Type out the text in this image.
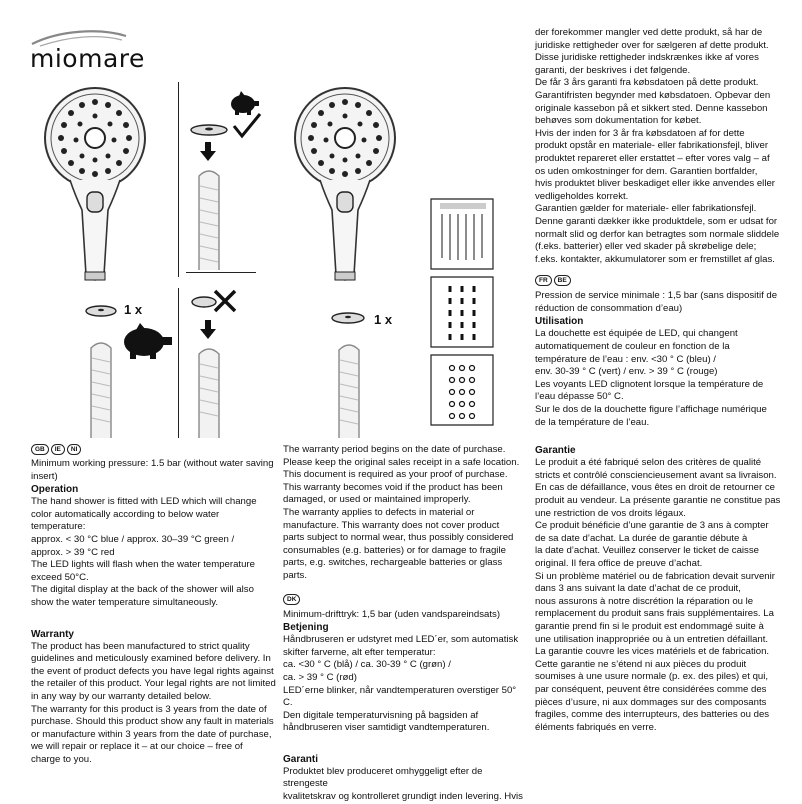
miomare
1 x
1 x
GB IE NI
Minimum working pressure: 1.5 bar (without water saving
insert)
Operation
The hand shower is fitted with LED which will change
color automatically according to below water
temperature:
approx. < 30 °C blue / approx. 30–39 °C green /
approx. > 39 °C red
The LED lights will flash when the water temperature
exceed 50°C.
The digital display at the back of the shower will also
show the water temperature simultaneously.
Warranty
The product has been manufactured to strict quality
guidelines and meticulously examined before delivery. In
the event of product defects you have legal rights against
the retailer of this product. Your legal rights are not limited
in any way by our warranty detailed below.
The warranty for this product is 3 years from the date of
purchase. Should this product show any fault in materials
or manufacture within 3 years from the date of purchase,
we will repair or replace it – at our choice – free of
charge to you.
The warranty period begins on the date of purchase.
Please keep the original sales receipt in a safe location.
This document is required as your proof of purchase.
This warranty becomes void if the product has been
damaged, or used or maintained improperly.
The warranty applies to defects in material or
manufacture. This warranty does not cover product
parts subject to normal wear, thus possibly considered
consumables (e.g. batteries) or for damage to fragile
parts, e.g. switches, rechargeable batteries or glass parts.
DK
Minimum-drifttryk: 1,5 bar (uden vandspareindsats)
Betjening
Håndbruseren er udstyret med LED´er, som automatisk
skifter farverne, alt efter temperatur:
ca. <30 ° C (blå) / ca. 30-39 ° C (grøn) /
ca. > 39 ° C (rød)
LED´erne blinker, når vandtemperaturen overstiger 50° C.
Den digitale temperaturvisning på bagsiden af
håndbruseren viser samtidigt vandtemperaturen.
Garanti
Produktet blev produceret omhyggeligt efter de strengeste
kvalitetskrav og kontrolleret grundigt inden levering. Hvis
der forekommer mangler ved dette produkt, så har de
juridiske rettigheder over for sælgeren af dette produkt.
Disse juridiske rettigheder indskrænkes ikke af vores
garanti, der beskrives i det følgende.
De får 3 års garanti fra købsdatoen på dette produkt.
Garantifristen begynder med købsdatoen. Opbevar den
originale kassebon på et sikkert sted. Denne kassebon
behøves som dokumentation for købet.
Hvis der inden for 3 år fra købsdatoen af for dette
produkt opstår en materiale- eller fabrikationsfejl, bliver
produktet repareret eller erstattet – efter vores valg – af
os uden omkostninger for dem. Garantien bortfalder,
hvis produktet bliver beskadiget eller ikke anvendes eller
vedligeholdes korrekt.
Garantien gælder for materiale- eller fabrikationsfejl.
Denne garanti dækker ikke produktdele, som er udsat for
normalt slid og derfor kan betragtes som normale sliddele
(f.eks. batterier) eller ved skader på skrøbelige dele;
f.eks. kontakter, akkumulatorer som er fremstillet af glas.
FR BE
Pression de service minimale : 1,5 bar (sans dispositif de
réduction de consommation d’eau)
Utilisation
La douchette est équipée de LED, qui changent
automatiquement de couleur en fonction de la
température de l’eau : env. <30 ° C (bleu) /
env. 30-39 ° C (vert) / env. > 39 ° C (rouge)
Les voyants LED clignotent lorsque la température de
l’eau dépasse 50° C.
Sur le dos de la douchette figure l’affichage numérique
de la température de l’eau.
Garantie
Le produit a été fabriqué selon des critères de qualité
stricts et contrôlé consciencieusement avant sa livraison.
En cas de défaillance, vous êtes en droit de retourner ce
produit au vendeur. La présente garantie ne constitue pas
une restriction de vos droits légaux.
Ce produit bénéficie d’une garantie de 3 ans à compter
de sa date d’achat. La durée de garantie débute à
la date d’achat. Veuillez conserver le ticket de caisse
original. Il fera office de preuve d’achat.
Si un problème matériel ou de fabrication devait survenir
dans 3 ans suivant la date d’achat de ce produit,
nous assurons à notre discrétion la réparation ou le
remplacement du produit sans frais supplémentaires. La
garantie prend fin si le produit est endommagé suite à
une utilisation inappropriée ou à un entretien défaillant.
La garantie couvre les vices matériels et de fabrication.
Cette garantie ne s’étend ni aux pièces du produit
soumises à une usure normale (p. ex. des piles) et qui,
par conséquent, peuvent être considérées comme des
pièces d’usure, ni aux dommages sur des composants
fragiles, comme des interrupteurs, des batteries ou des
éléments fabriqués en verre.
